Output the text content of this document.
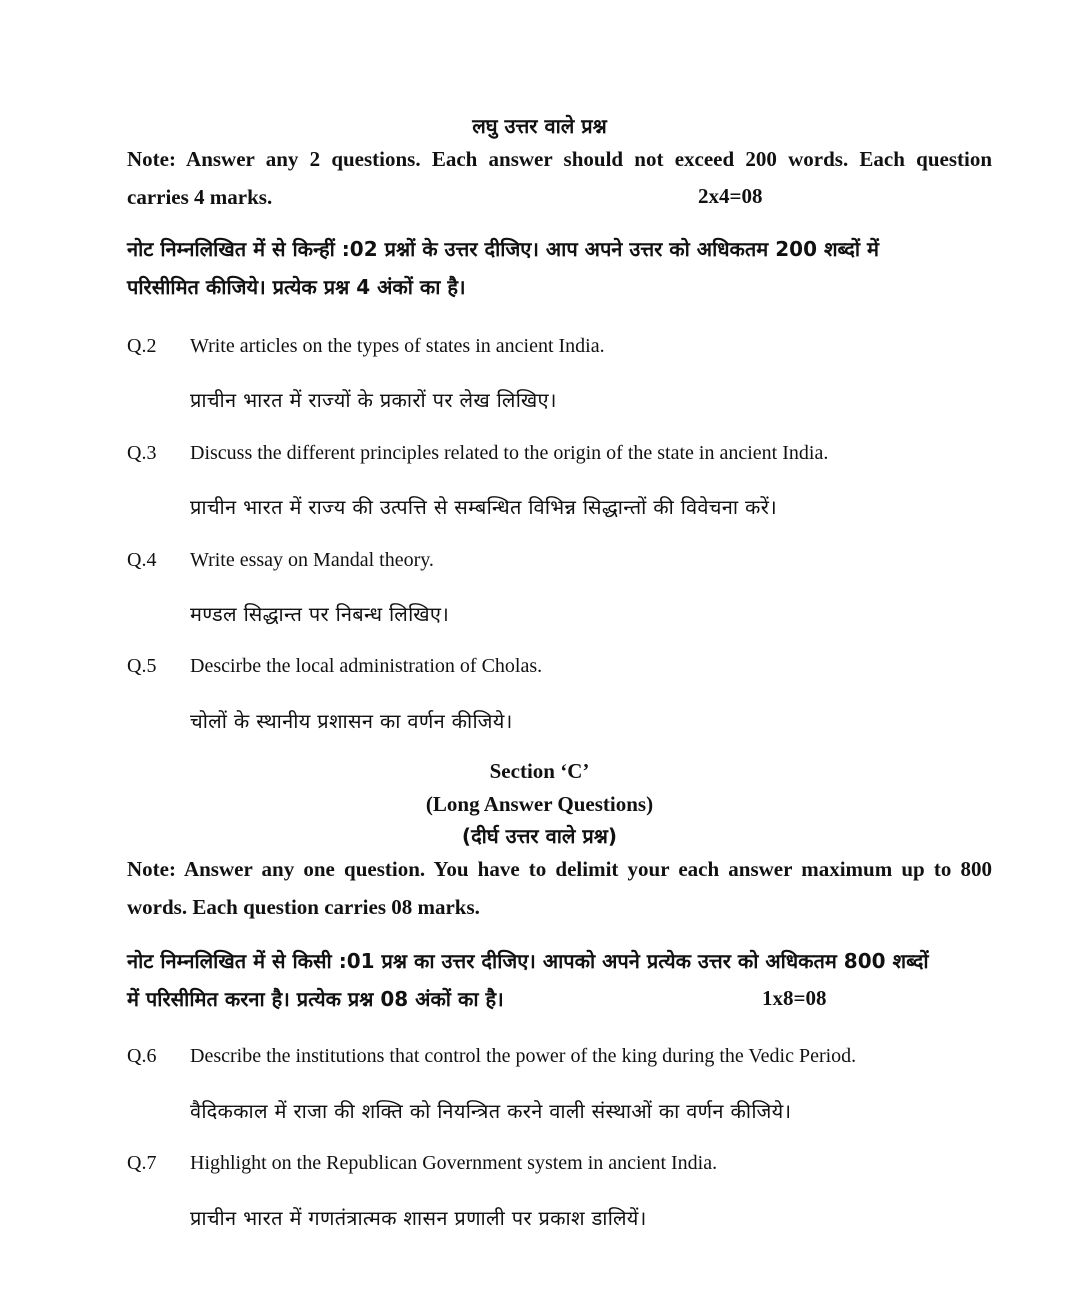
लघु उत्तर वाले प्रश्न
Note: Answer any 2 questions. Each answer should not exceed 200 words. Each question
carries 4 marks.	2x4=08
नोट निम्नलिखित में से किन्हीं :02 प्रश्नों के उत्तर दीजिए। आप अपने उत्तर को अधिकतम 200 शब्दों में
परिसीमित कीजिये। प्रत्येक प्रश्न 4 अंकों का है।
Q.2 Write articles on the types of states in ancient India.
प्राचीन भारत में राज्यों के प्रकारों पर लेख लिखिए।
Q.3 Discuss the different principles related to the origin of the state in ancient India.
प्राचीन भारत में राज्य की उत्पत्ति से सम्बन्धित विभिन्न सिद्धान्तों की विवेचना करें।
Q.4 Write essay on Mandal theory.
मण्डल सिद्धान्त पर निबन्ध लिखिए।
Q.5 Descirbe the local administration of Cholas.
चोलों के स्थानीय प्रशासन का वर्णन कीजिये।
Section ‘C’
(Long Answer Questions)
(दीर्घ उत्तर वाले प्रश्न)
Note: Answer any one question. You have to delimit your each answer maximum up to 800
words. Each question carries 08 marks.
नोट निम्नलिखित में से किसी :01 प्रश्न का उत्तर दीजिए। आपको अपने प्रत्येक उत्तर को अधिकतम 800 शब्दों
में परिसीमित करना है। प्रत्येक प्रश्न 08 अंकों का है।	1x8=08
Q.6 Describe the institutions that control the power of the king during the Vedic Period.
वैदिककाल में राजा की शक्ति को नियन्त्रित करने वाली संस्थाओं का वर्णन कीजिये।
Q.7 Highlight on the Republican Government system in ancient India.
प्राचीन भारत में गणतंत्रात्मक शासन प्रणाली पर प्रकाश डालियें।
